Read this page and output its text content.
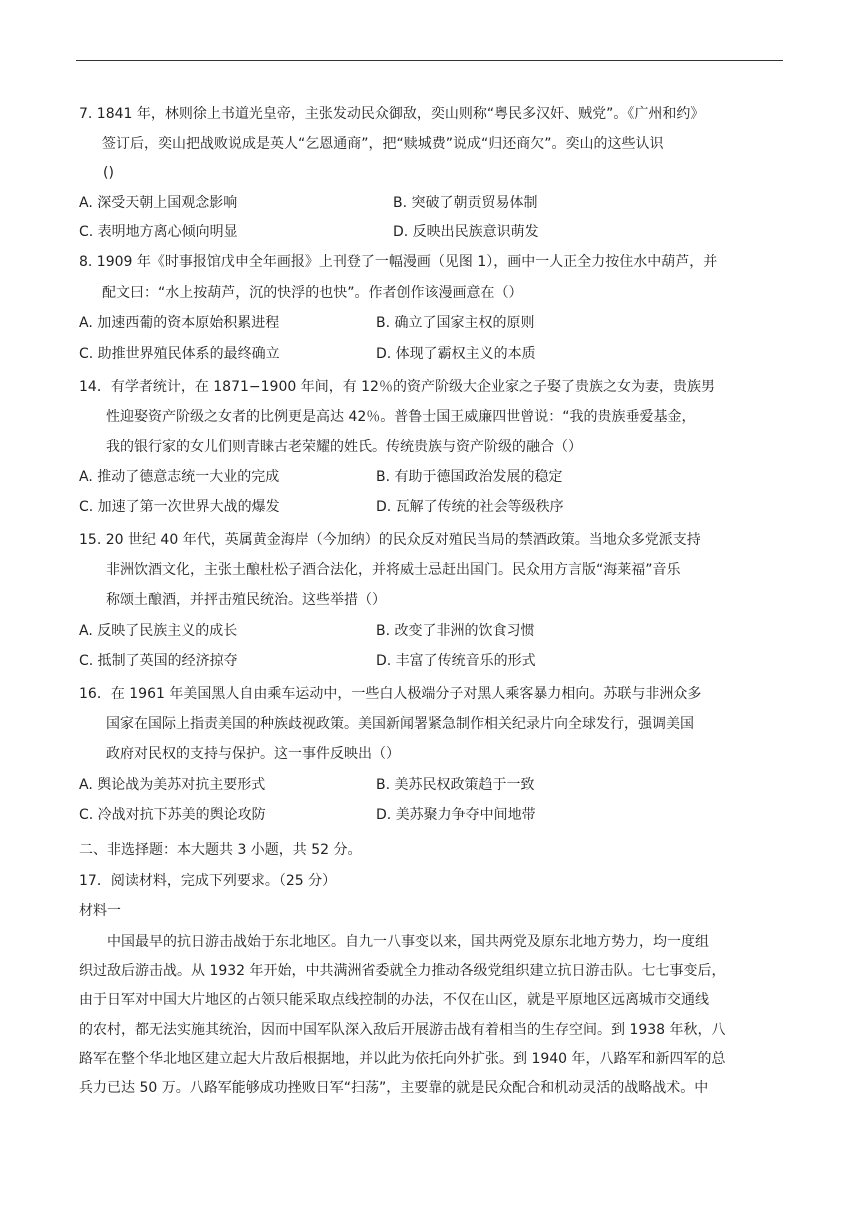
7. 1841 年，林则徐上书道光皇帝，主张发动民众御敌，奕山则称“粤民多汉奸、贼党”。《广州和约》
签订后，奕山把战败说成是英人“乞恩通商”，把“赎城费”说成“归还商欠”。奕山的这些认识
()
A. 深受天朝上国观念影响	B. 突破了朝贡贸易体制
C. 表明地方离心倾向明显	D. 反映出民族意识萌发
8. 1909 年《时事报馆戊申全年画报》上刊登了一幅漫画（见图 1），画中一人正全力按住水中葫芦，并
配文曰：“水上按葫芦，沉的快浮的也快”。作者创作该漫画意在（）
A. 加速西葡的资本原始积累进程	B. 确立了国家主权的原则
C. 助推世界殖民体系的最终确立	D. 体现了霸权主义的本质
14．有学者统计，在 1871−1900 年间，有 12％的资产阶级大企业家之子娶了贵族之女为妻，贵族男
性迎娶资产阶级之女者的比例更是高达 42％。普鲁士国王威廉四世曾说：“我的贵族垂爱基金，
我的银行家的女儿们则青睐古老荣耀的姓氏。传统贵族与资产阶级的融合（）
A. 推动了德意志统一大业的完成	B. 有助于德国政治发展的稳定
C. 加速了第一次世界大战的爆发	D. 瓦解了传统的社会等级秩序
15. 20 世纪 40 年代，英属黄金海岸（今加纳）的民众反对殖民当局的禁酒政策。当地众多党派支持
非洲饮酒文化，主张土酿杜松子酒合法化，并将威士忌赶出国门。民众用方言版“海莱福”音乐
称颂土酿酒，并抨击殖民统治。这些举措（）
A. 反映了民族主义的成长	B. 改变了非洲的饮食习惯
C. 抵制了英国的经济掠夺	D. 丰富了传统音乐的形式
16．在 1961 年美国黑人自由乘车运动中，一些白人极端分子对黑人乘客暴力相向。苏联与非洲众多
国家在国际上指责美国的种族歧视政策。美国新闻署紧急制作相关纪录片向全球发行，强调美国
政府对民权的支持与保护。这一事件反映出（）
A. 舆论战为美苏对抗主要形式	B. 美苏民权政策趋于一致
C. 冷战对抗下苏美的舆论攻防	D. 美苏聚力争夺中间地带
二、非选择题：本大题共 3 小题，共 52 分。
17．阅读材料，完成下列要求。（25 分）
材料一
中国最早的抗日游击战始于东北地区。自九一八事变以来，国共两党及原东北地方势力，均一度组
织过敌后游击战。从 1932 年开始，中共满洲省委就全力推动各级党组织建立抗日游击队。七七事变后，
由于日军对中国大片地区的占领只能采取点线控制的办法，不仅在山区，就是平原地区远离城市交通线
的农村，都无法实施其统治，因而中国军队深入敌后开展游击战有着相当的生存空间。到 1938 年秋，八
路军在整个华北地区建立起大片敌后根据地，并以此为依托向外扩张。到 1940 年，八路军和新四军的总
兵力已达 50 万。八路军能够成功挫败日军“扫荡”，主要靠的就是民众配合和机动灵活的战略战术。中
